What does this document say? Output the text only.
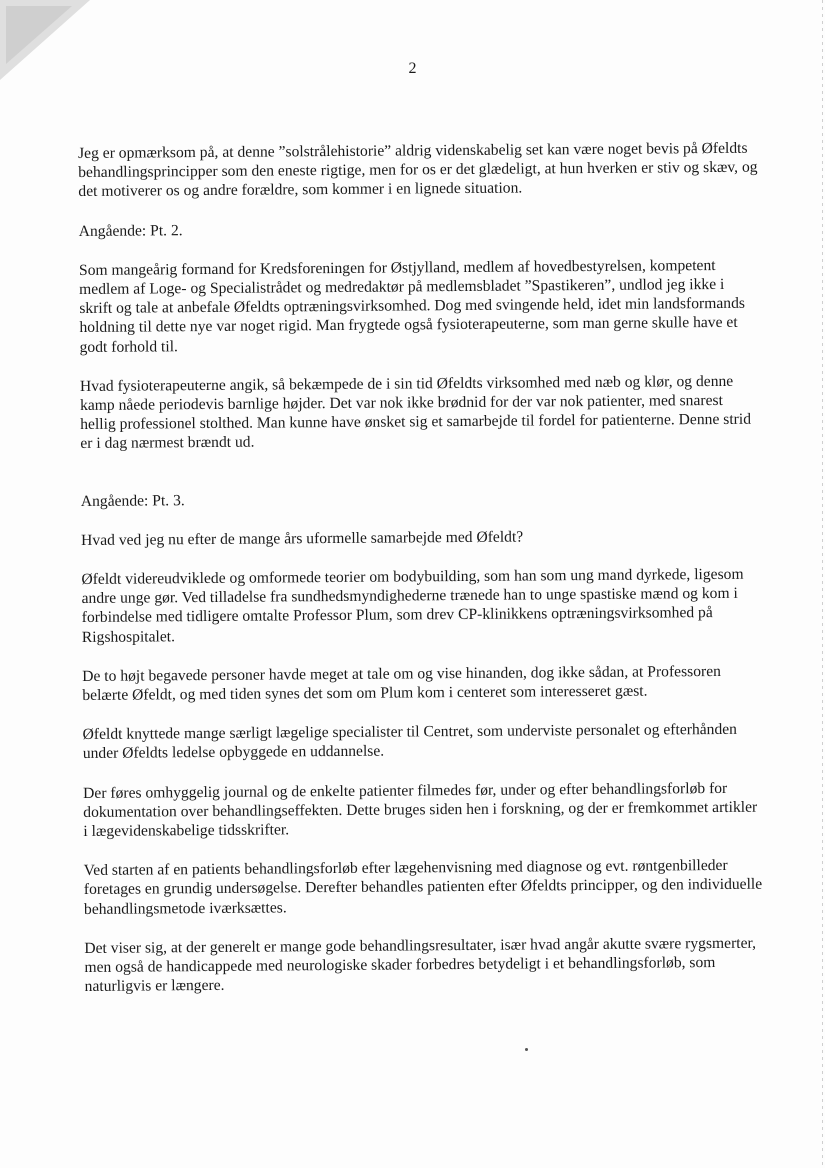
2

Jeg er opmærksom på, at denne ”solstrålehistorie” aldrig videnskabelig set kan være noget bevis på Øfeldts behandlingsprincipper som den eneste rigtige, men for os er det glædeligt, at hun hverken er stiv og skæv, og det motiverer os og andre forældre, som kommer i en lignede situation.

Angående: Pt. 2.

Som mangeårig formand for Kredsforeningen for Østjylland, medlem af hovedbestyrelsen, kompetent medlem af Loge- og Specialistrådet og medredaktør på medlemsbladet ”Spastikeren”, undlod jeg ikke i skrift og tale at anbefale Øfeldts optræningsvirksomhed. Dog med svingende held, idet min landsformands holdning til dette nye var noget rigid. Man frygtede også fysioterapeuterne, som man gerne skulle have et godt forhold til.

Hvad fysioterapeuterne angik, så bekæmpede de i sin tid Øfeldts virksomhed med næb og klør, og denne kamp nåede periodevis barnlige højder. Det var nok ikke brødnid for der var nok patienter, med snarest hellig professionel stolthed. Man kunne have ønsket sig et samarbejde til fordel for patienterne. Denne strid er i dag nærmest brændt ud.

Angående: Pt. 3.

Hvad ved jeg nu efter de mange års uformelle samarbejde med Øfeldt?

Øfeldt videreudviklede og omformede teorier om bodybuilding, som han som ung mand dyrkede, ligesom andre unge gør. Ved tilladelse fra sundhedsmyndighederne trænede han to unge spastiske mænd og kom i forbindelse med tidligere omtalte Professor Plum, som drev CP-klinikkens optræningsvirksomhed på Rigshospitalet.

De to højt begavede personer havde meget at tale om og vise hinanden, dog ikke sådan, at Professoren belærte Øfeldt, og med tiden synes det som om Plum kom i centeret som interesseret gæst.

Øfeldt knyttede mange særligt lægelige specialister til Centret, som underviste personalet og efterhånden under Øfeldts ledelse opbyggede en uddannelse.

Der føres omhyggelig journal og de enkelte patienter filmedes før, under og efter behandlingsforløb for dokumentation over behandlingseffekten. Dette bruges siden hen i forskning, og der er fremkommet artikler i lægevidenskabelige tidsskrifter.

Ved starten af en patients behandlingsforløb efter lægehenvisning med diagnose og evt. røntgenbilleder foretages en grundig undersøgelse. Derefter behandles patienten efter Øfeldts principper, og den individuelle behandlingsmetode iværksættes.

Det viser sig, at der generelt er mange gode behandlingsresultater, især hvad angår akutte svære rygsmerter, men også de handicappede med neurologiske skader forbedres betydeligt i et behandlingsforløb, som naturligvis er længere.
